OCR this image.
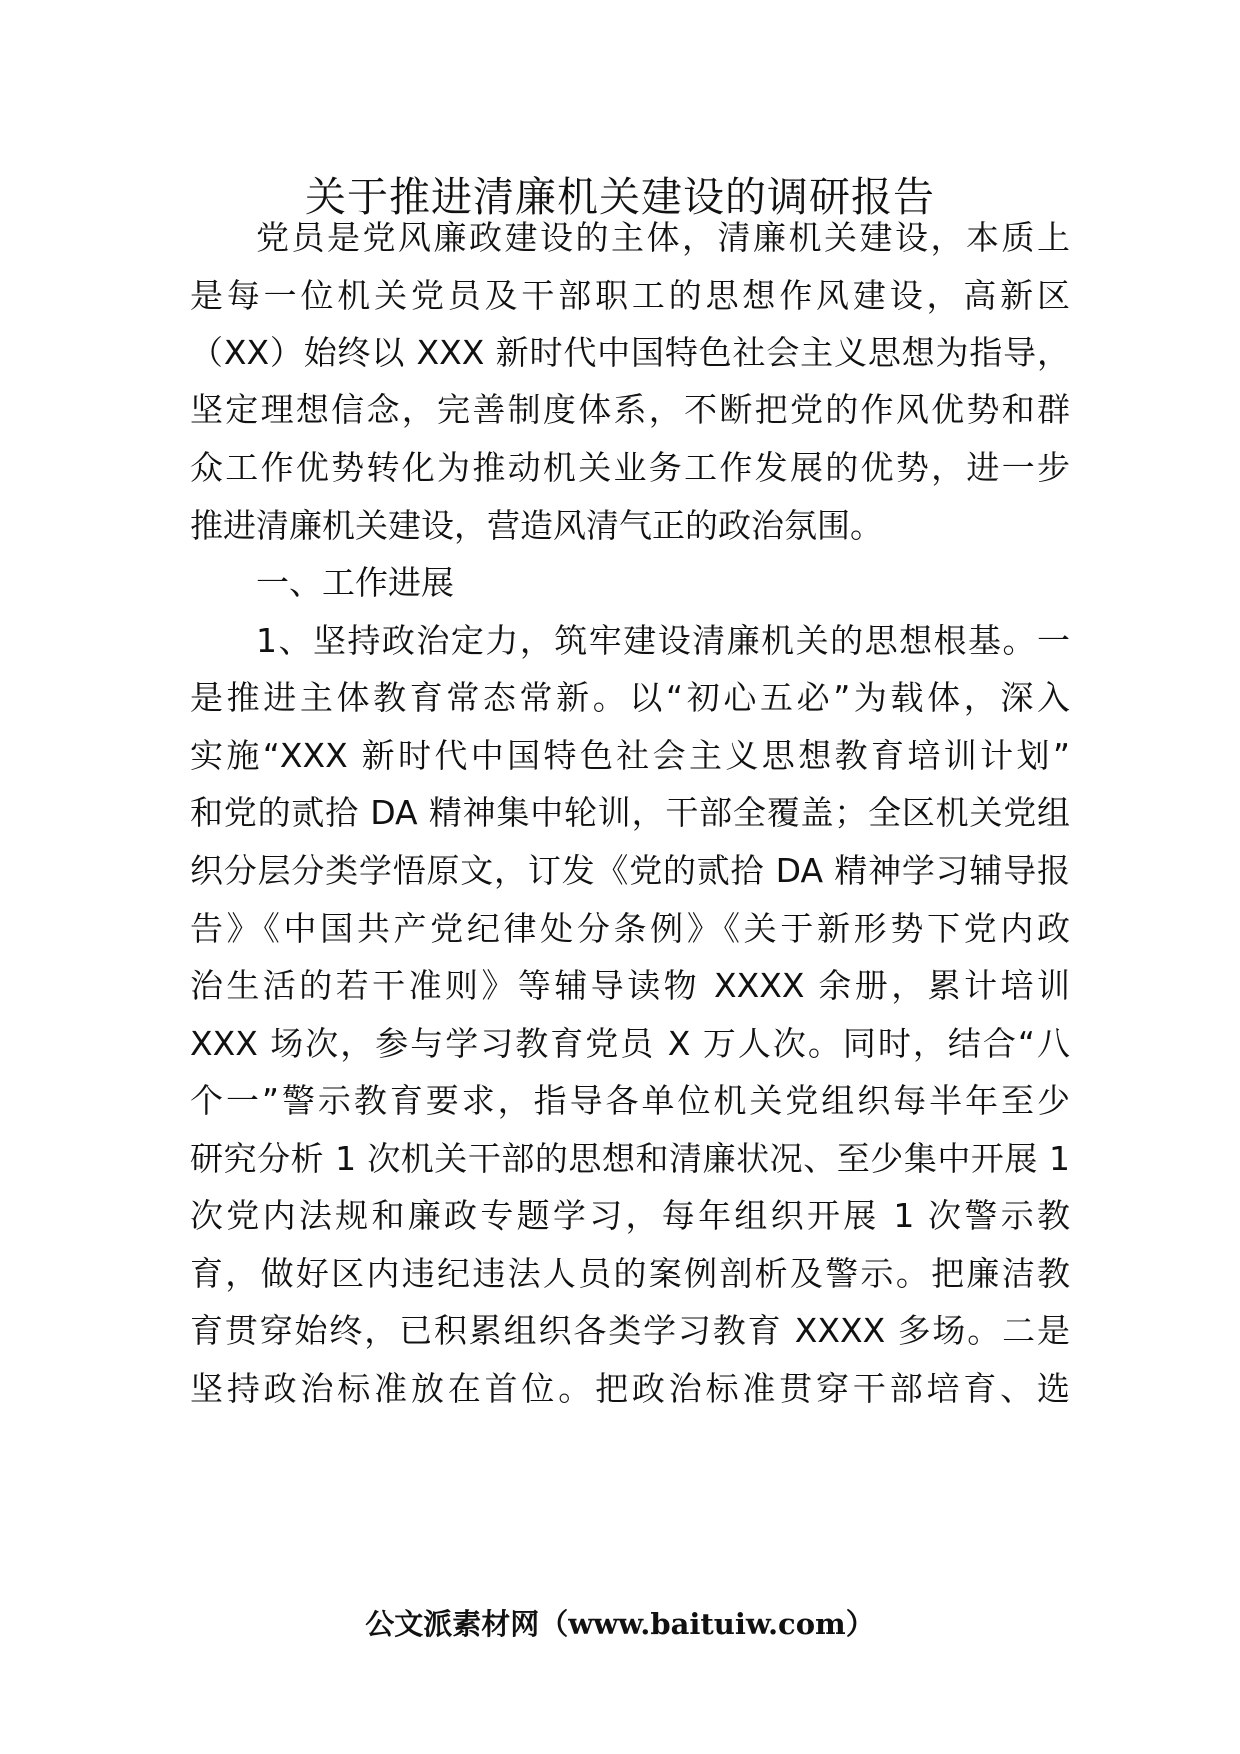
关于推进清廉机关建设的调研报告
党员是党风廉政建设的主体，清廉机关建设，本质上
是每一位机关党员及干部职工的思想作风建设，高新区
（XX）始终以 XXX 新时代中国特色社会主义思想为指导，
坚定理想信念，完善制度体系，不断把党的作风优势和群
众工作优势转化为推动机关业务工作发展的优势，进一步
推进清廉机关建设，营造风清气正的政治氛围。
一、工作进展
1、坚持政治定力，筑牢建设清廉机关的思想根基。一
是推进主体教育常态常新。以“初心五必”为载体，深入
实施“XXX 新时代中国特色社会主义思想教育培训计划”
和党的贰拾 DA 精神集中轮训，干部全覆盖；全区机关党组
织分层分类学悟原文，订发《党的贰拾 DA 精神学习辅导报
告》《中国共产党纪律处分条例》《关于新形势下党内政
治生活的若干准则》等辅导读物 XXXX 余册，累计培训
XXX 场次，参与学习教育党员 X 万人次。同时，结合“八
个一”警示教育要求，指导各单位机关党组织每半年至少
研究分析 1 次机关干部的思想和清廉状况、至少集中开展 1
次党内法规和廉政专题学习，每年组织开展 1 次警示教
育，做好区内违纪违法人员的案例剖析及警示。把廉洁教
育贯穿始终，已积累组织各类学习教育 XXXX 多场。二是
坚持政治标准放在首位。把政治标准贯穿干部培育、选
公文派素材网（www.baituiw.com）
